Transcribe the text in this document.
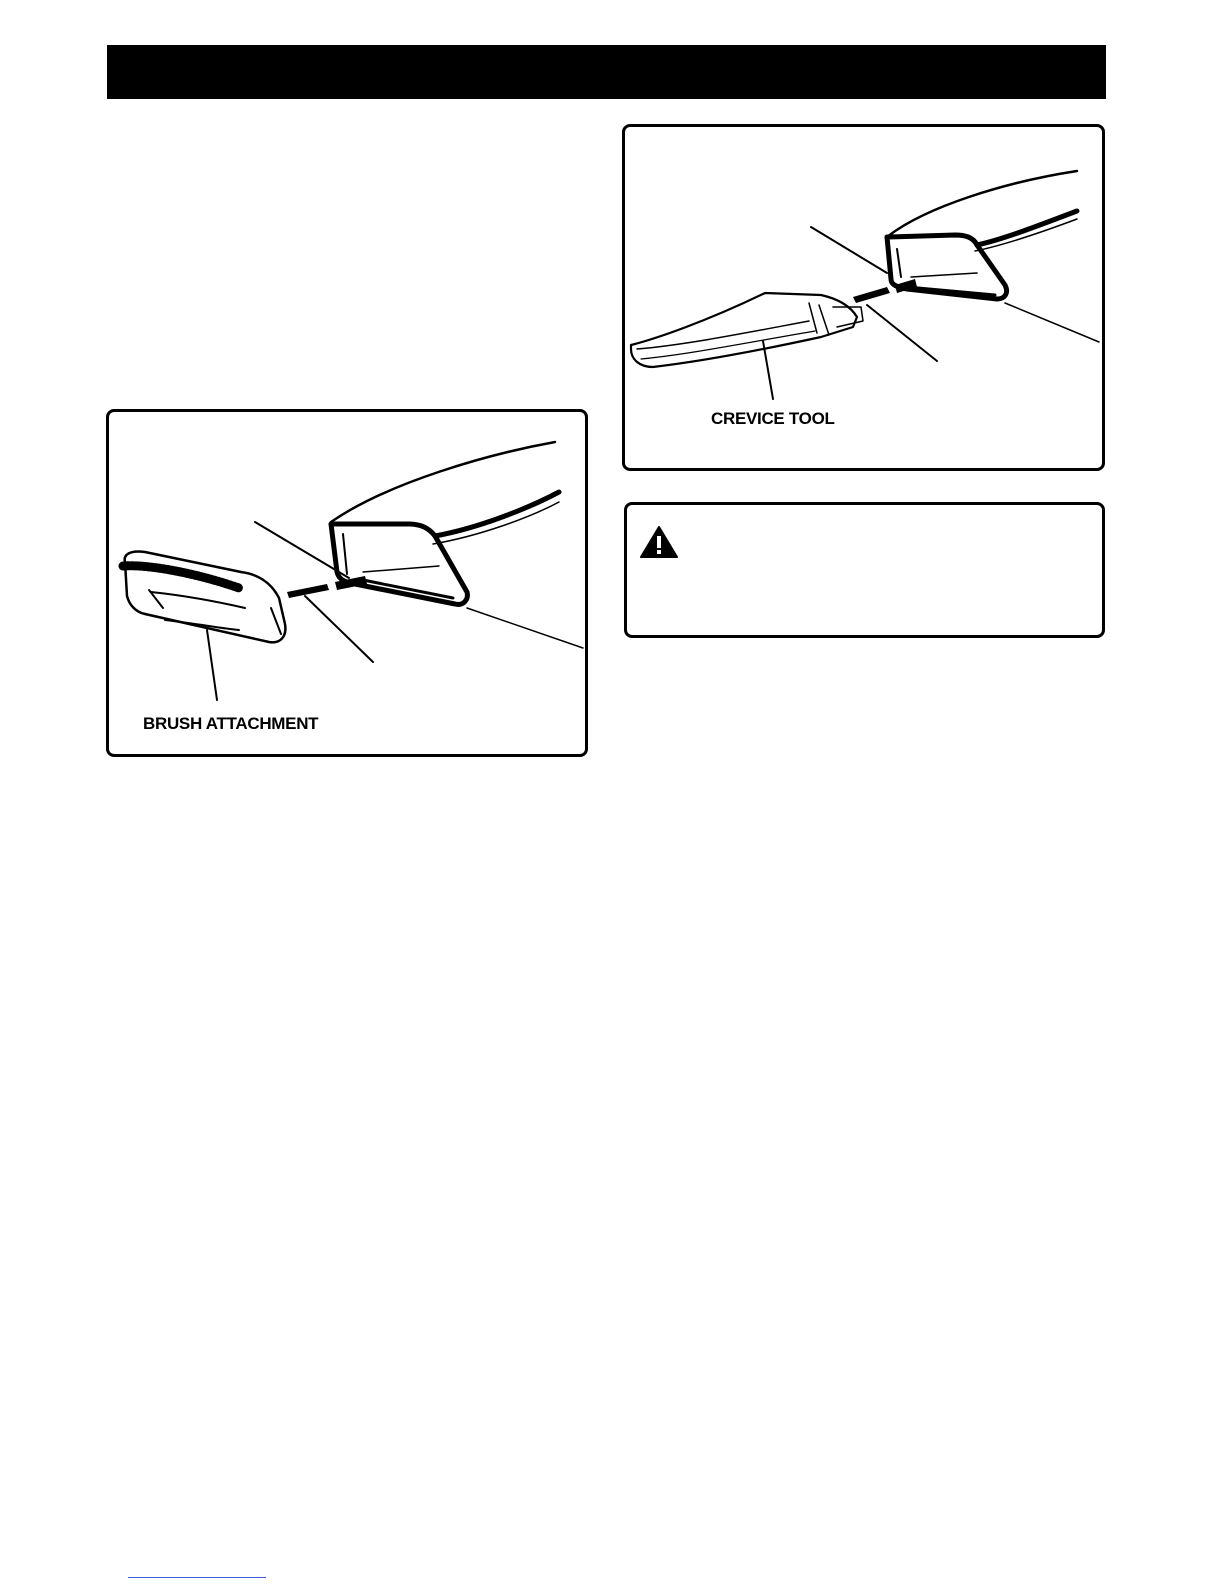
CREVICE TOOL
BRUSH ATTACHMENT
